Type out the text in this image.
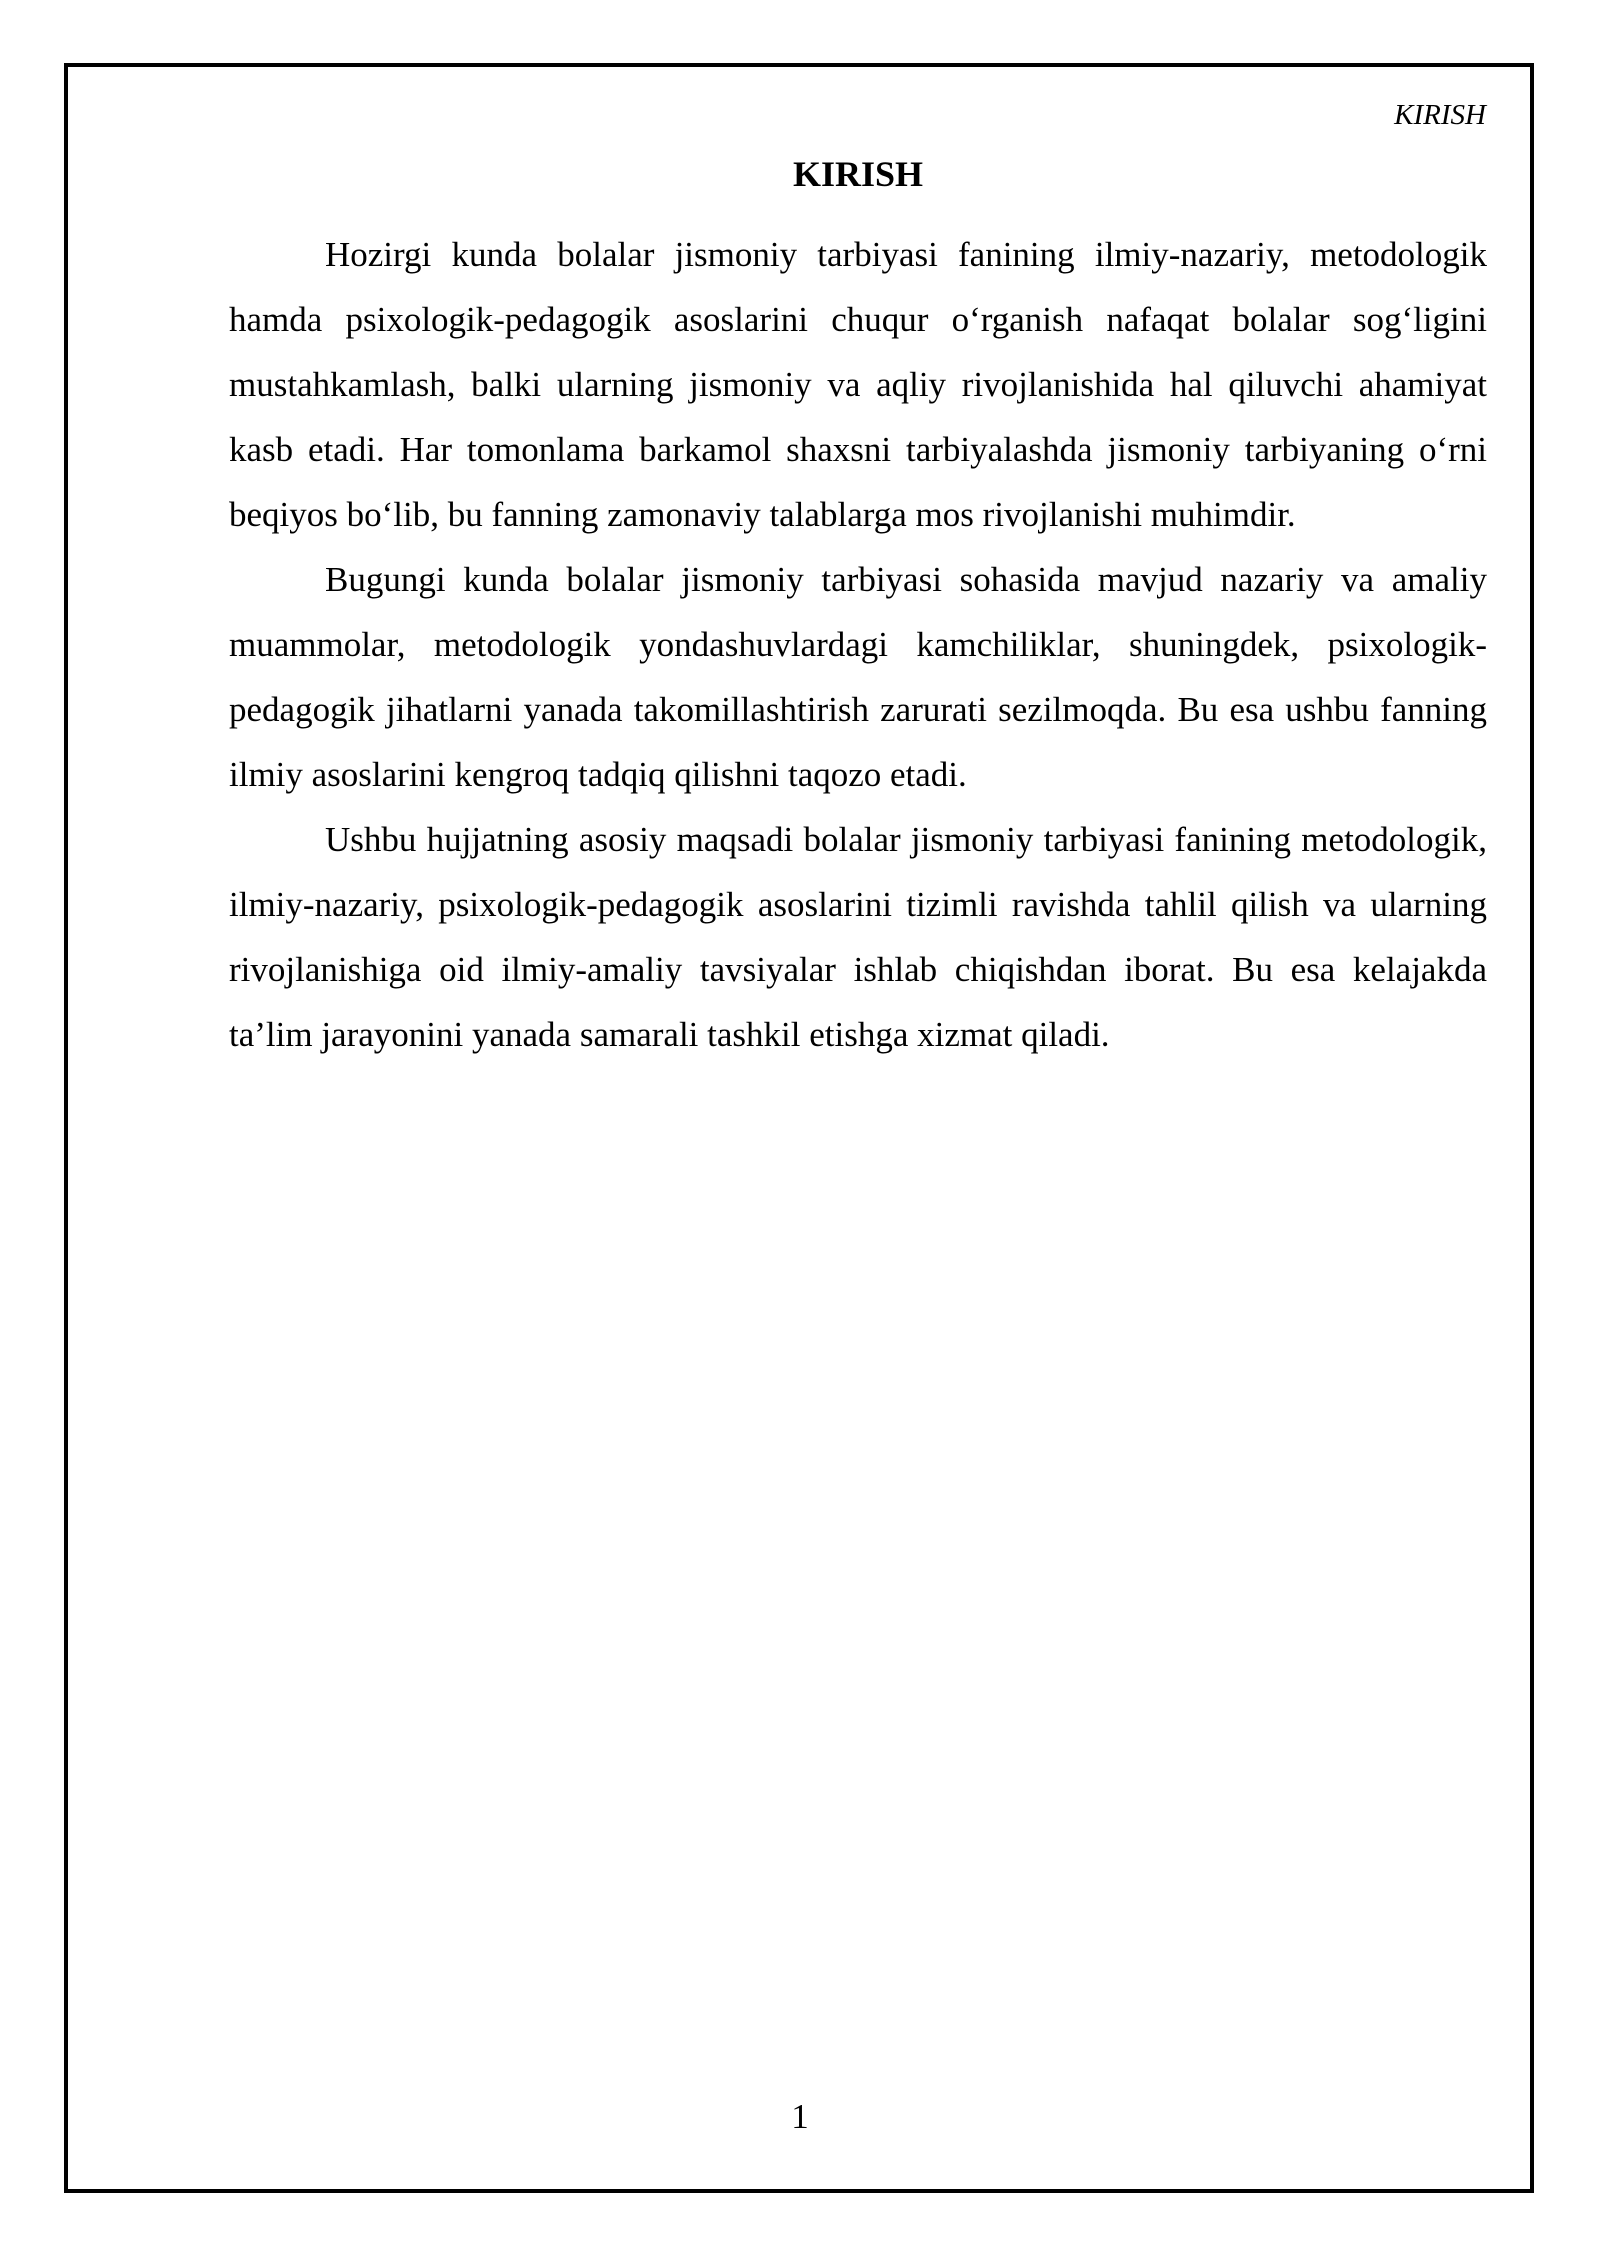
KIRISH
KIRISH

Hozirgi kunda bolalar jismoniy tarbiyasi fanining ilmiy-nazariy, metodologik hamda psixologik-pedagogik asoslarini chuqur o‘rganish nafaqat bolalar sog‘ligini mustahkamlash, balki ularning jismoniy va aqliy rivojlanishida hal qiluvchi ahamiyat kasb etadi. Har tomonlama barkamol shaxsni tarbiyalashda jismoniy tarbiyaning o‘rni beqiyos bo‘lib, bu fanning zamonaviy talablarga mos rivojlanishi muhimdir.

Bugungi kunda bolalar jismoniy tarbiyasi sohasida mavjud nazariy va amaliy muammolar, metodologik yondashuvlardagi kamchiliklar, shuningdek, psixologik-pedagogik jihatlarni yanada takomillashtirish zarurati sezilmoqda. Bu esa ushbu fanning ilmiy asoslarini kengroq tadqiq qilishni taqozo etadi.

Ushbu hujjatning asosiy maqsadi bolalar jismoniy tarbiyasi fanining metodologik, ilmiy-nazariy, psixologik-pedagogik asoslarini tizimli ravishda tahlil qilish va ularning rivojlanishiga oid ilmiy-amaliy tavsiyalar ishlab chiqishdan iborat. Bu esa kelajakda ta’lim jarayonini yanada samarali tashkil etishga xizmat qiladi.

1
